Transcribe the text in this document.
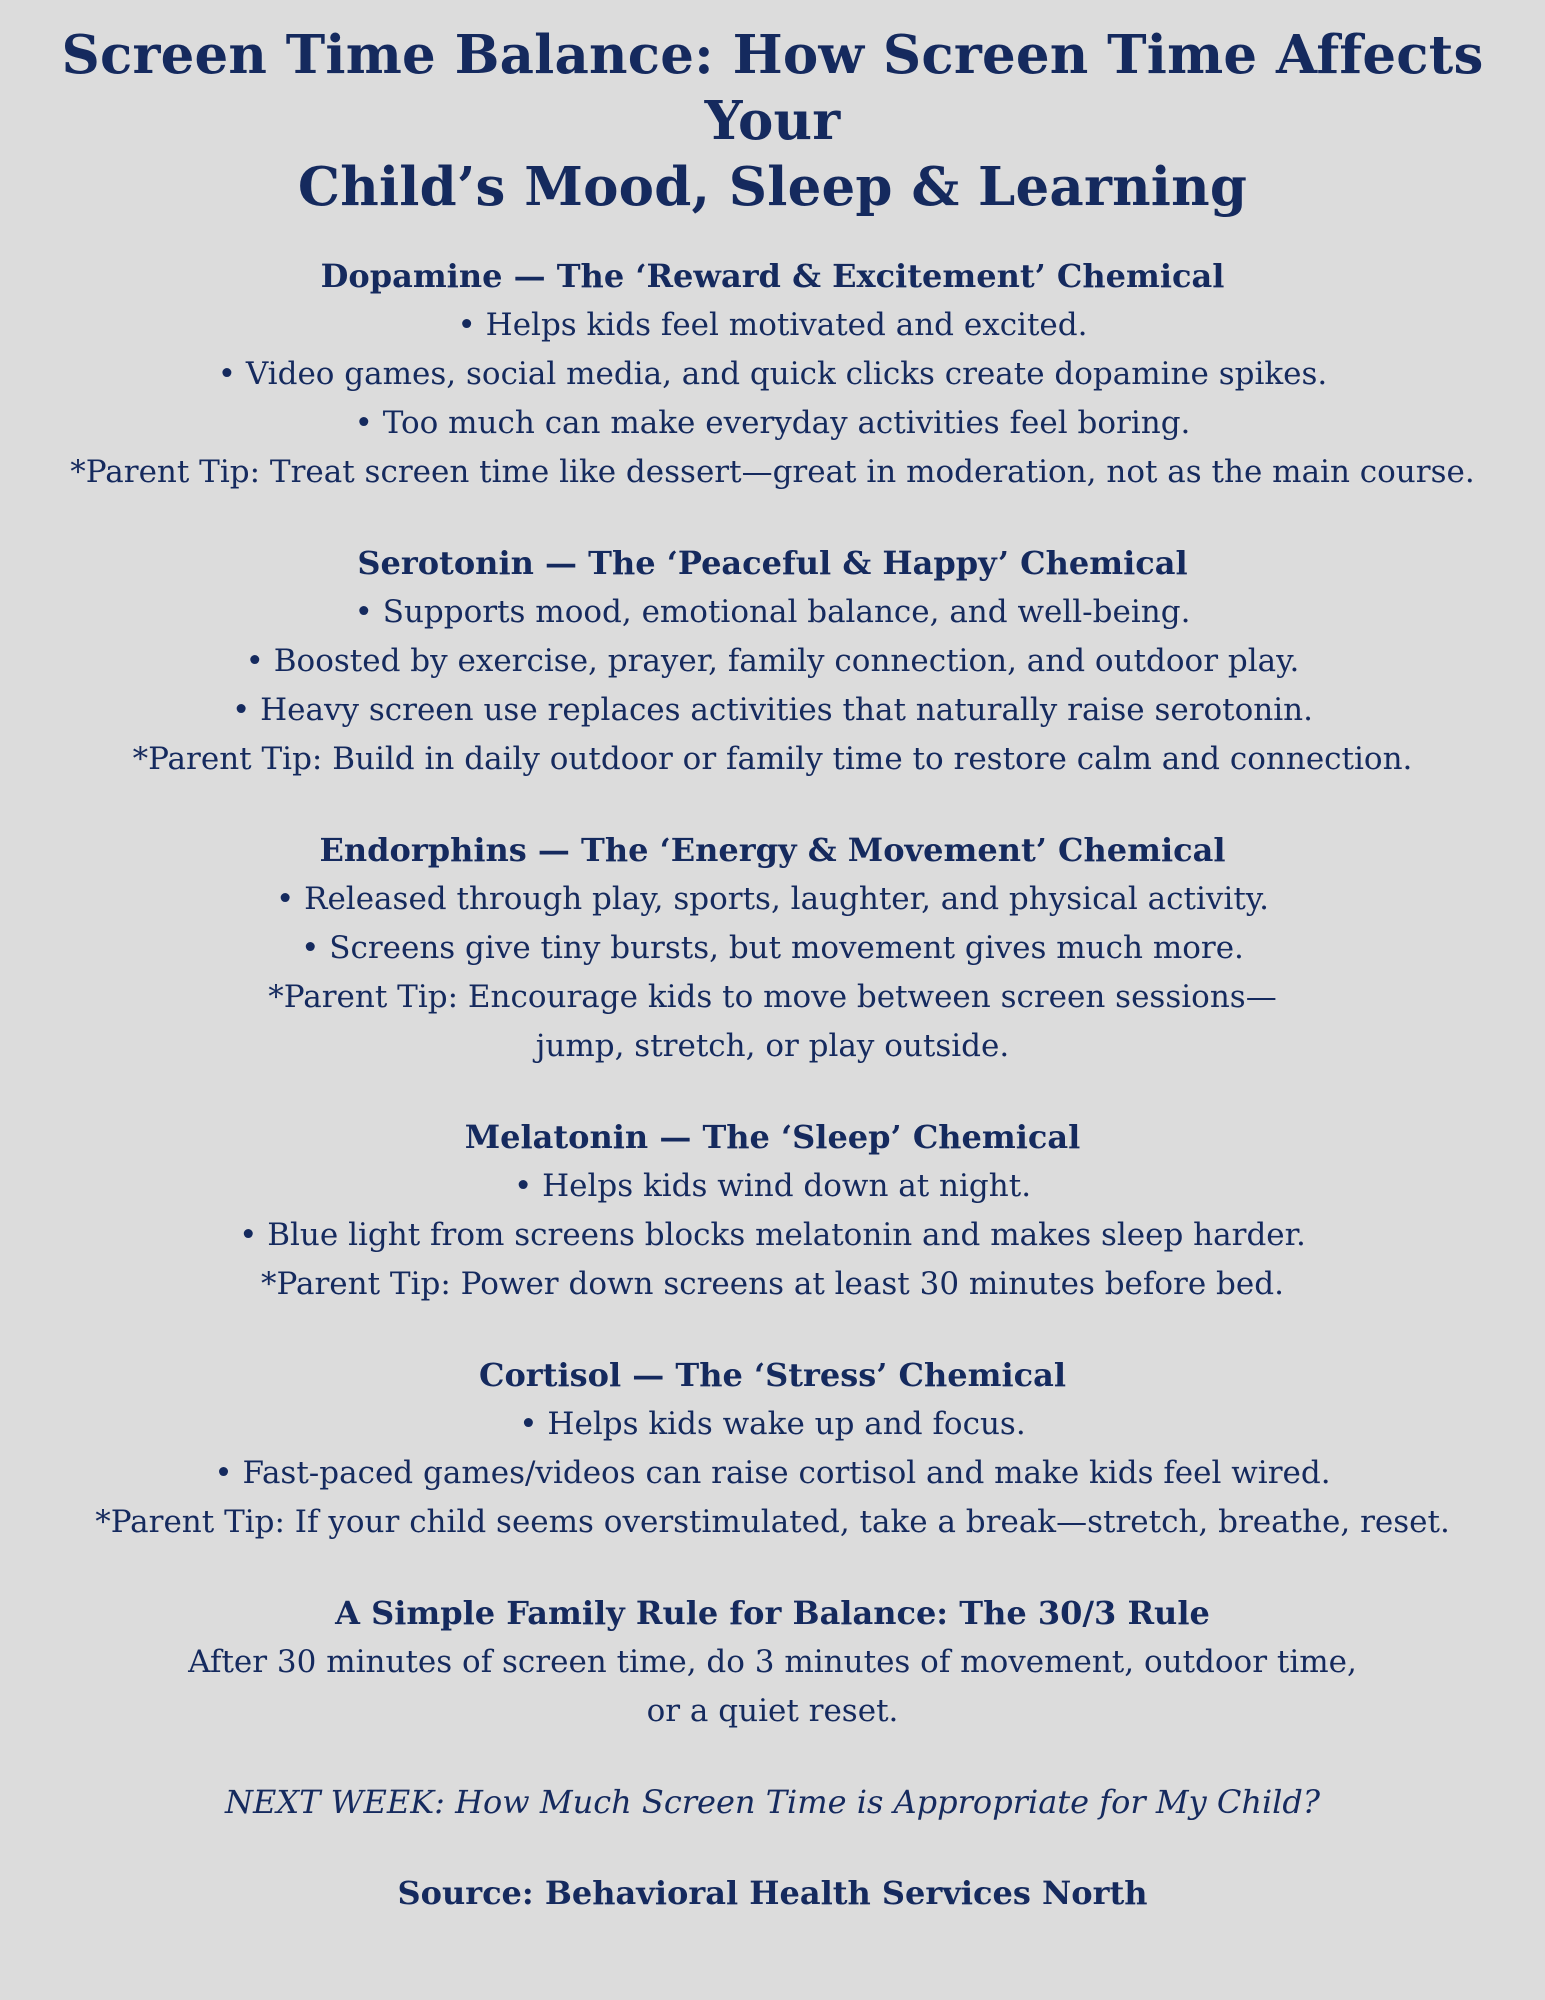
Screen Time Balance: How Screen Time Affects Your
Child’s Mood, Sleep & Learning

Dopamine — The ‘Reward & Excitement’ Chemical

• Helps kids feel motivated and excited.

• Video games, social media, and quick clicks create dopamine spikes.

• Too much can make everyday activities feel boring.

*Parent Tip: Treat screen time like dessert—great in moderation, not as the main course.

Serotonin — The ‘Peaceful & Happy’ Chemical

• Supports mood, emotional balance, and well-being.

• Boosted by exercise, prayer, family connection, and outdoor play.

• Heavy screen use replaces activities that naturally raise serotonin.

*Parent Tip: Build in daily outdoor or family time to restore calm and connection.

Endorphins — The ‘Energy & Movement’ Chemical

• Released through play, sports, laughter, and physical activity.

• Screens give tiny bursts, but movement gives much more.

*Parent Tip: Encourage kids to move between screen sessions—

jump, stretch, or play outside.

Melatonin — The ‘Sleep’ Chemical

• Helps kids wind down at night.

• Blue light from screens blocks melatonin and makes sleep harder.

*Parent Tip: Power down screens at least 30 minutes before bed.

Cortisol — The ‘Stress’ Chemical

• Helps kids wake up and focus.

• Fast-paced games/videos can raise cortisol and make kids feel wired.

*Parent Tip: If your child seems overstimulated, take a break—stretch, breathe, reset.

A Simple Family Rule for Balance: The 30/3 Rule

After 30 minutes of screen time, do 3 minutes of movement, outdoor time,

or a quiet reset.

NEXT WEEK: How Much Screen Time is Appropriate for My Child?

Source: Behavioral Health Services North
